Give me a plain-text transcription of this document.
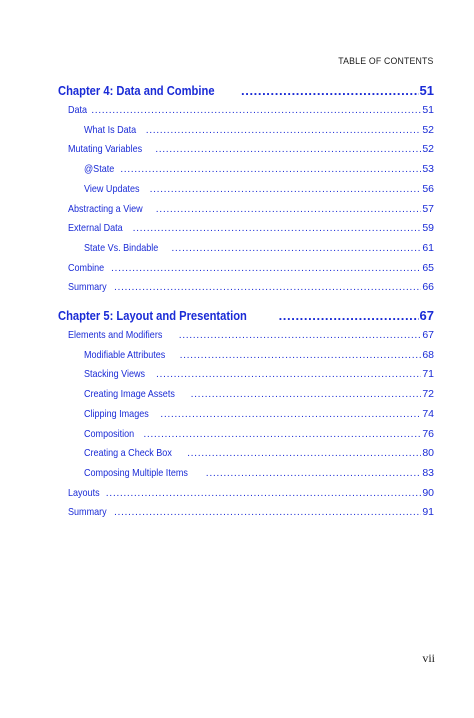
TABLE OF CONTENTS
Chapter 4: Data and Combine .....	51
Data .....	51
What Is Data .....	52
Mutating Variables .....	52
@State .....	53
View Updates .....	56
Abstracting a View .....	57
External Data .....	59
State Vs. Bindable .....	61
Combine .....	65
Summary .....	66
Chapter 5: Layout and Presentation .....	67
Elements and Modifiers .....	67
Modifiable Attributes .....	68
Stacking Views .....	71
Creating Image Assets .....	72
Clipping Images .....	74
Composition .....	76
Creating a Check Box .....	80
Composing Multiple Items .....	83
Layouts .....	90
Summary .....	91
vii
